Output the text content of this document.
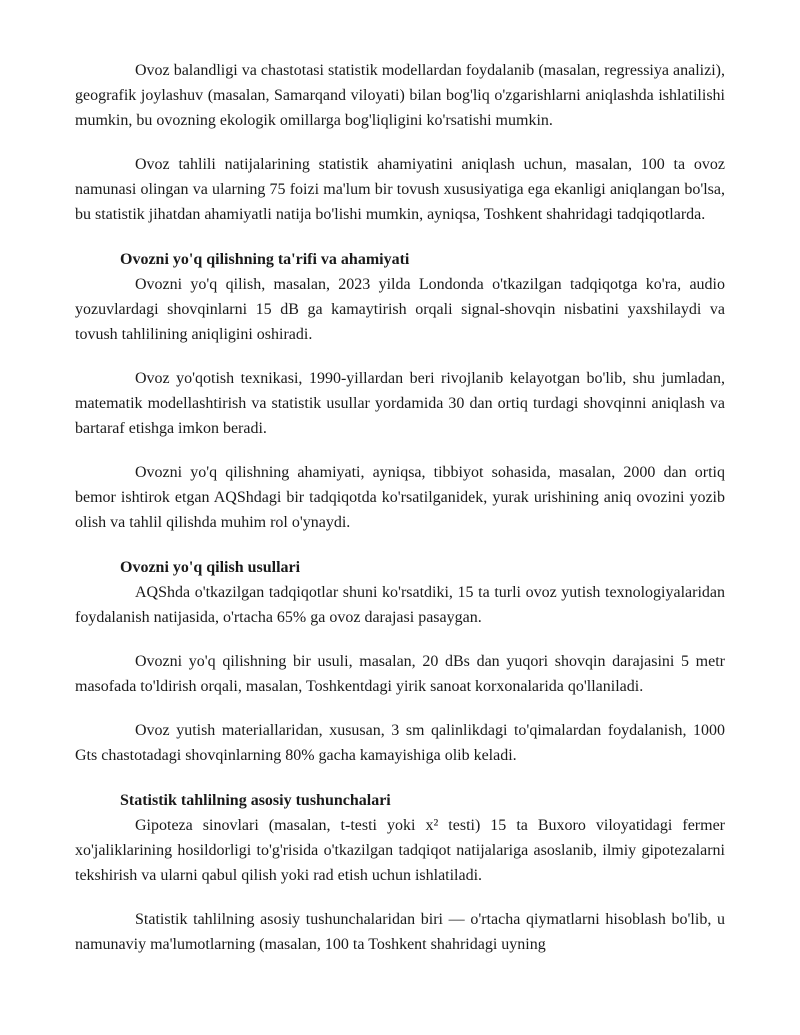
Ovoz balandligi va chastotasi statistik modellardan foydalanib (masalan, regressiya analizi), geografik joylashuv (masalan, Samarqand viloyati) bilan bog'liq o'zgarishlarni aniqlashda ishlatilishi mumkin, bu ovozning ekologik omillarga bog'liqligini ko'rsatishi mumkin.

Ovoz tahlili natijalarining statistik ahamiyatini aniqlash uchun, masalan, 100 ta ovoz namunasi olingan va ularning 75 foizi ma'lum bir tovush xususiyatiga ega ekanligi aniqlangan bo'lsa, bu statistik jihatdan ahamiyatli natija bo'lishi mumkin, ayniqsa, Toshkent shahridagi tadqiqotlarda.

Ovozni yo'q qilishning ta'rifi va ahamiyati

Ovozni yo'q qilish, masalan, 2023 yilda Londonda o'tkazilgan tadqiqotga ko'ra, audio yozuvlardagi shovqinlarni 15 dB ga kamaytirish orqali signal-shovqin nisbatini yaxshilaydi va tovush tahlilining aniqligini oshiradi.

Ovoz yo'qotish texnikasi, 1990-yillardan beri rivojlanib kelayotgan bo'lib, shu jumladan, matematik modellashtirish va statistik usullar yordamida 30 dan ortiq turdagi shovqinni aniqlash va bartaraf etishga imkon beradi.

Ovozni yo'q qilishning ahamiyati, ayniqsa, tibbiyot sohasida, masalan, 2000 dan ortiq bemor ishtirok etgan AQShdagi bir tadqiqotda ko'rsatilganidek, yurak urishining aniq ovozini yozib olish va tahlil qilishda muhim rol o'ynaydi.

Ovozni yo'q qilish usullari

AQShda o'tkazilgan tadqiqotlar shuni ko'rsatdiki, 15 ta turli ovoz yutish texnologiyalaridan foydalanish natijasida, o'rtacha 65% ga ovoz darajasi pasaygan.

Ovozni yo'q qilishning bir usuli, masalan, 20 dBs dan yuqori shovqin darajasini 5 metr masofada to'ldirish orqali, masalan, Toshkentdagi yirik sanoat korxonalarida qo'llaniladi.

Ovoz yutish materiallaridan, xususan, 3 sm qalinlikdagi to'qimalardan foydalanish, 1000 Gts chastotadagi shovqinlarning 80% gacha kamayishiga olib keladi.

Statistik tahlilning asosiy tushunchalari

Gipoteza sinovlari (masalan, t-testi yoki x² testi) 15 ta Buxoro viloyatidagi fermer xo'jaliklarining hosildorligi to'g'risida o'tkazilgan tadqiqot natijalariga asoslanib, ilmiy gipotezalarni tekshirish va ularni qabul qilish yoki rad etish uchun ishlatiladi.

Statistik tahlilning asosiy tushunchalaridan biri — o'rtacha qiymatlarni hisoblash bo'lib, u namunaviy ma'lumotlarning (masalan, 100 ta Toshkent shahridagi uyning
